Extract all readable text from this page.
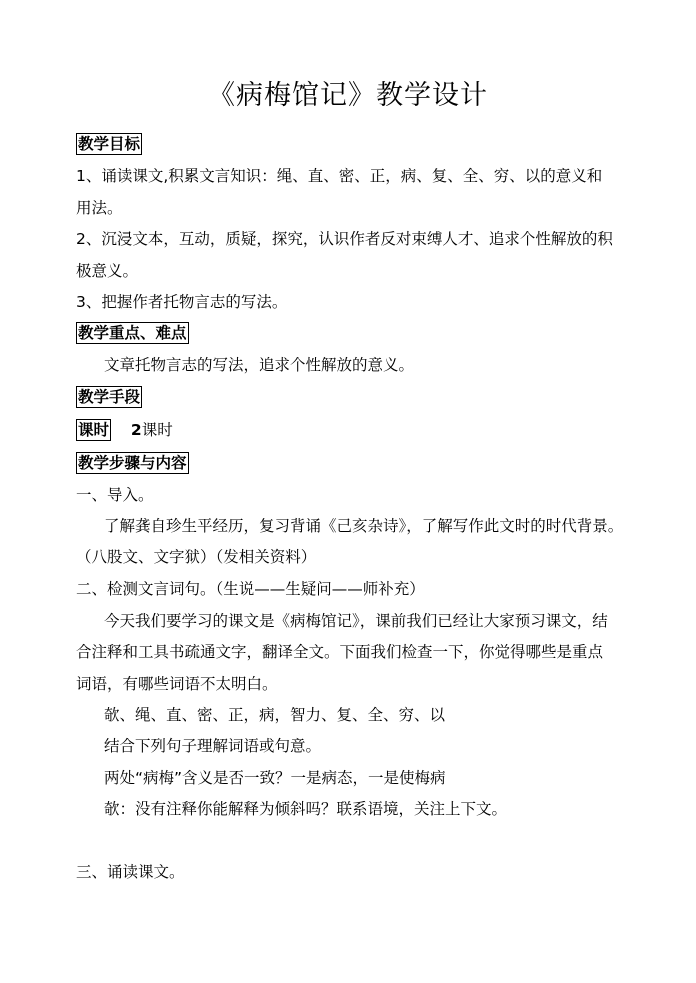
《病梅馆记》教学设计
教学目标
1、诵读课文,积累文言知识：绳、直、密、正，病、复、全、穷、以的意义和
用法。
2、沉浸文本，互动，质疑，探究，认识作者反对束缚人才、追求个性解放的积
极意义。
3、把握作者托物言志的写法。
教学重点、难点
文章托物言志的写法，追求个性解放的意义。
教学手段
课时 2课时
教学步骤与内容
一、导入。
了解龚自珍生平经历，复习背诵《己亥杂诗》，了解写作此文时的时代背景。
（八股文、文字狱）（发相关资料）
二、检测文言词句。（生说——生疑问——师补充）
今天我们要学习的课文是《病梅馆记》，课前我们已经让大家预习课文，结
合注释和工具书疏通文字，翻译全文。下面我们检查一下，你觉得哪些是重点
词语，有哪些词语不太明白。
欹、绳、直、密、正，病，智力、复、全、穷、以
结合下列句子理解词语或句意。
两处“病梅”含义是否一致？一是病态，一是使梅病
欹：没有注释你能解释为倾斜吗？联系语境，关注上下文。
三、诵读课文。
